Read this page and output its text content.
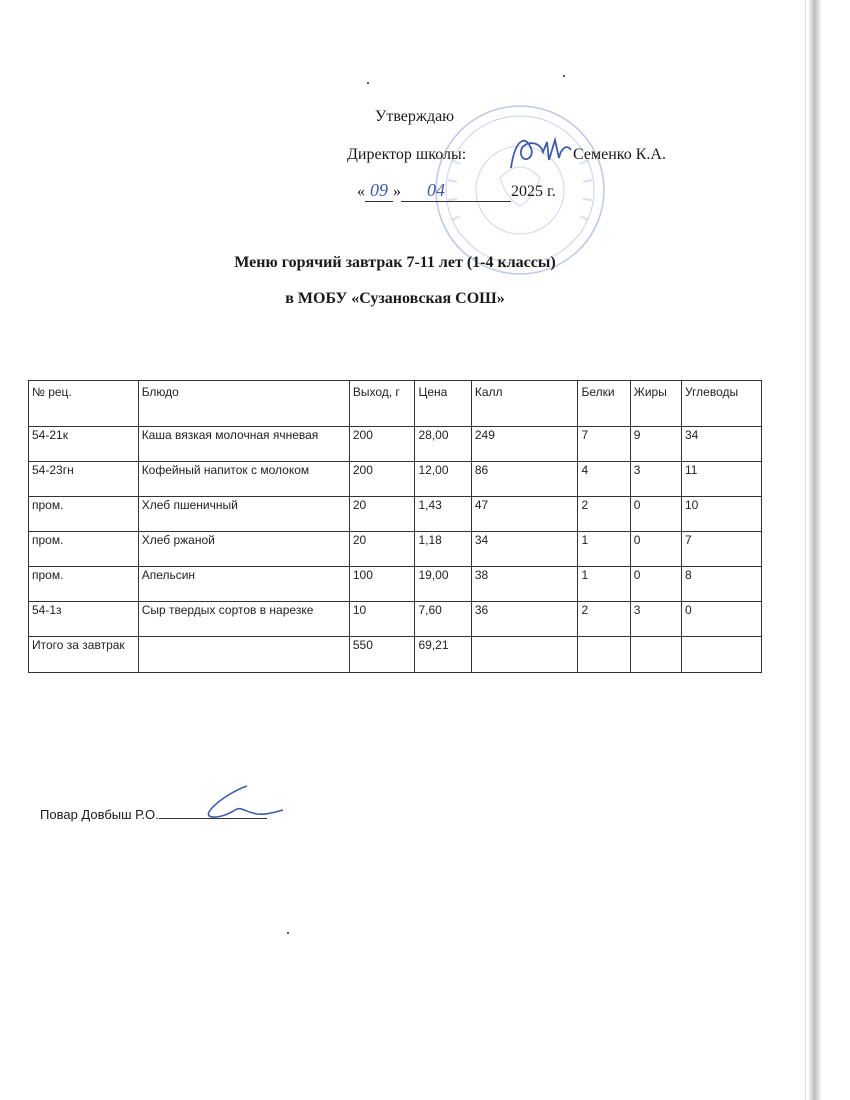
Утверждаю
Директор школы:	Семенко К.А.
« 09 » 04	2025 г.
Меню горячий завтрак 7-11 лет (1-4 классы)
в МОБУ «Сузановская СОШ»
№ рец.	Блюдо	Выход, г	Цена	Калл	Белки	Жиры	Углеводы
54-21к	Каша вязкая молочная ячневая	200	28,00	249	7	9	34
54-23гн	Кофейный напиток с молоком	200	12,00	86	4	3	11
пром.	Хлеб пшеничный	20	1,43	47	2	0	10
пром.	Хлеб ржаной	20	1,18	34	1	0	7
пром.	Апельсин	100	19,00	38	1	0	8
54-1з	Сыр твердых сортов в нарезке	10	7,60	36	2	3	0
Итого за завтрак		550	69,21				
Повар Довбыш Р.О.
